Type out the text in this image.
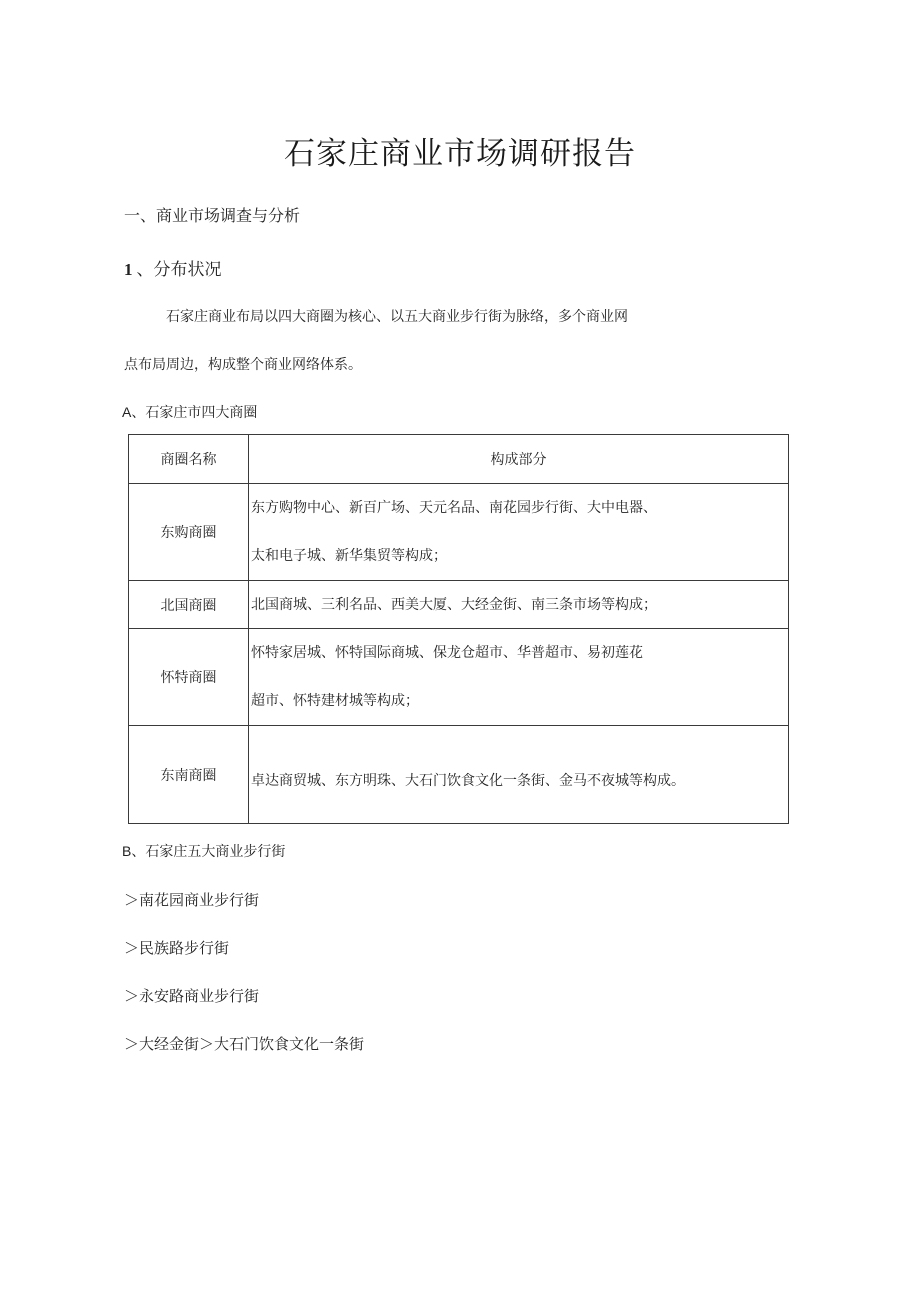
石家庄商业市场调研报告
一、商业市场调查与分析
1 、分布状况
石家庄商业布局以四大商圈为核心、以五大商业步行街为脉络，多个商业网
点布局周边，构成整个商业网络体系。
A、石家庄市四大商圈
商圈名称	构成部分
东购商圈	东方购物中心、新百广场、天元名品、南花园步行街、大中电器、
太和电子城、新华集贸等构成；

北国商圈	北国商城、三利名品、西美大厦、大经金街、南三条市场等构成；

怀特商圈	怀特家居城、怀特国际商城、保龙仓超市、华普超市、易初莲花
超市、怀特建材城等构成；

东南商圈	卓达商贸城、东方明珠、大石门饮食文化一条街、金马不夜城等构成。
B、石家庄五大商业步行街
＞南花园商业步行街
＞民族路步行街
＞永安路商业步行街
＞大经金街＞大石门饮食文化一条街
